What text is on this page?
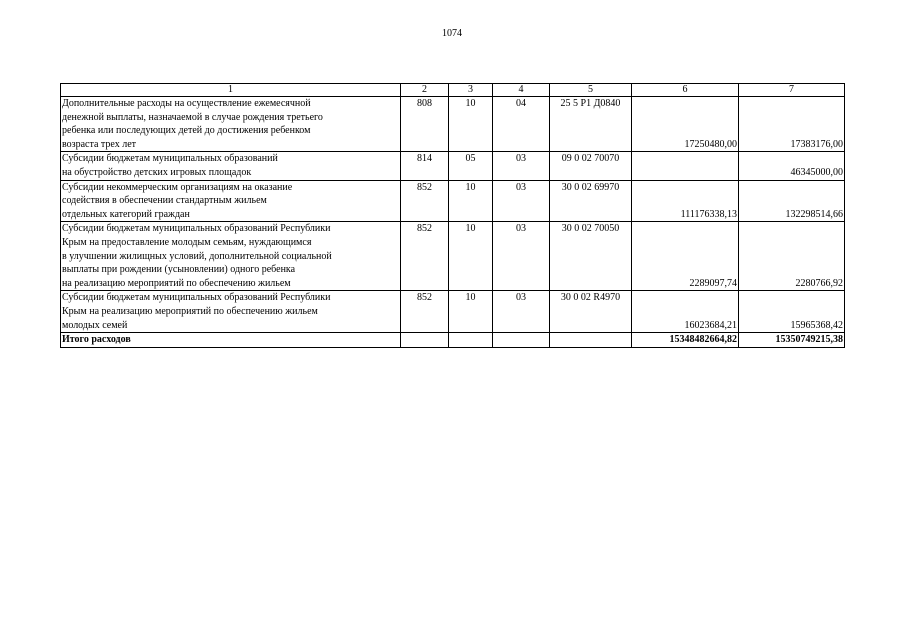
1074
1	2	3	4	5	6	7
Дополнительные расходы на осуществление ежемесячной
денежной выплаты, назначаемой в случае рождения третьего
ребенка или последующих детей до достижения ребенком
возраста трех лет	808	10	04	25 5 Р1 Д0840	17250480,00	17383176,00
Субсидии бюджетам муниципальных образований
на обустройство детских игровых площадок	814	05	03	09 0 02 70070		46345000,00
Субсидии некоммерческим организациям на оказание
содействия в обеспечении стандартным жильем
отдельных категорий граждан	852	10	03	30 0 02 69970	111176338,13	132298514,66
Субсидии бюджетам муниципальных образований Республики
Крым на предоставление молодым семьям, нуждающимся
в улучшении жилищных условий, дополнительной социальной
выплаты при рождении (усыновлении) одного ребенка
на реализацию мероприятий по обеспечению жильем	852	10	03	30 0 02 70050	2289097,74	2280766,92
Субсидии бюджетам муниципальных образований Республики
Крым на реализацию мероприятий по обеспечению жильем
молодых семей	852	10	03	30 0 02 R4970	16023684,21	15965368,42
Итого расходов					15348482664,82	15350749215,38
